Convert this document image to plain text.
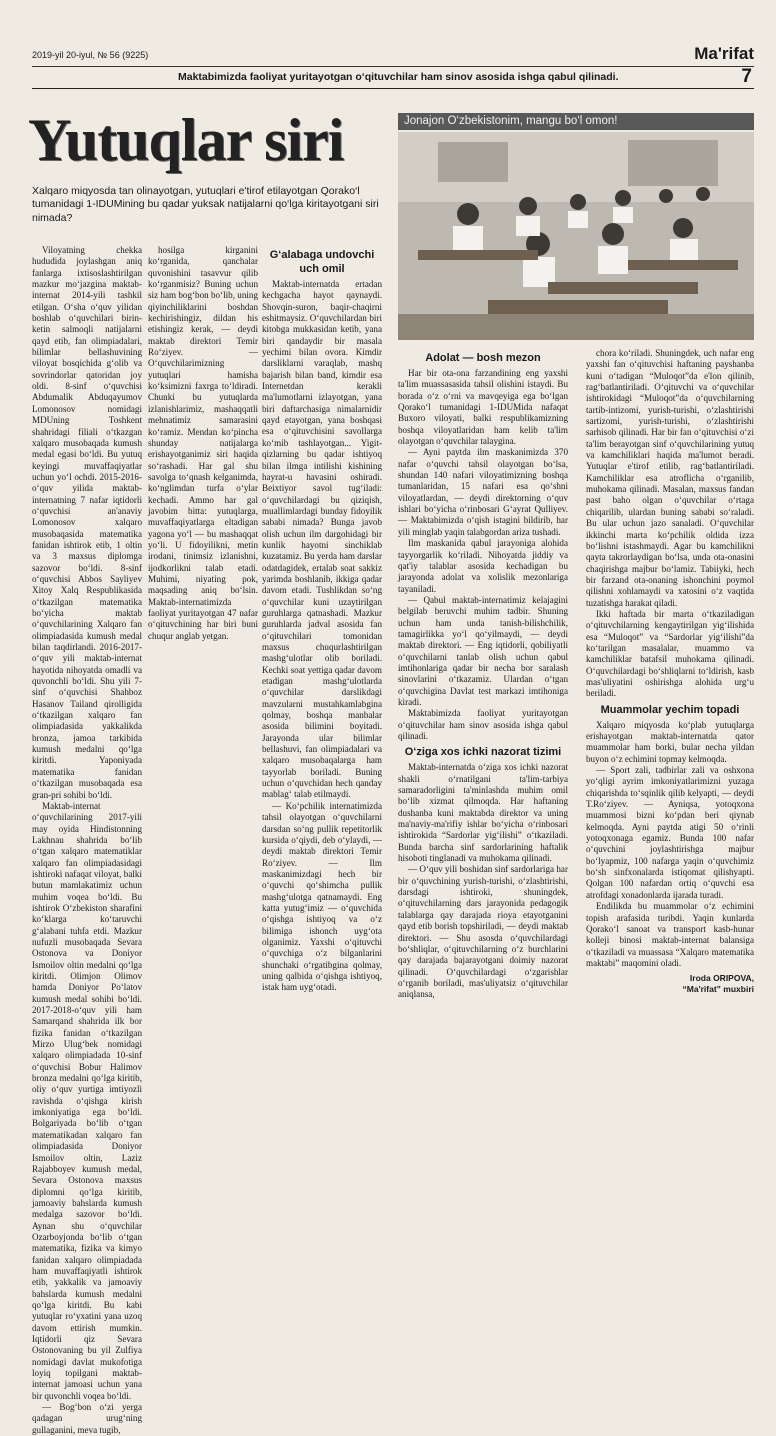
2019-yil 20-iyul, № 56 (9225)	Ma'rifat
Maktabimizda faoliyat yuritayotgan o‘qituvchilar ham sinov asosida ishga qabul qilinadi.	7
Yutuqlar siri	Jonajon O‘zbekistonim, mangu bo‘l omon!
Xalqaro miqyosda tan olinayotgan, yutuqlari e'tirof etilayotgan Qorako‘l tumanidagi 1-IDUMining bu qadar yuksak natijalarni qo‘lga kiritayotgani siri nimada?

Viloyatning chekka hududida joylashgan aniq fanlarga ixtisoslashtirilgan mazkur mo‘jazgina maktab-internat 2014-yili tashkil etilgan. O‘sha o‘quv yilidan boshlab o‘quvchilari birin-ketin salmoqli natijalarni qayd etib, fan olimpiadalari, bilimlar bellashuvining viloyat bosqichida g‘olib va sovrindorlar qatoridan joy oldi. 8-sinf o‘quvchisi Abdumalik Abduqayumov Lomonosov nomidagi MDUning Toshkent shahridagi filiali o‘tkazgan xalqaro musobaqada kumush medal egasi bo‘ldi. Bu yutuq keyingi muvaffaqiyatlar uchun yo‘l ochdi. 2015-2016-o‘quv yilida maktab-internatning 7 nafar iqtidorli o‘quvchisi an'anaviy Lomonosov xalqaro musobaqasida matematika fanidan ishtirok etib, 1 oltin va 3 maxsus diplomga sazovor bo‘ldi. 8-sinf o‘quvchisi Abbos Sayliyev Xitoy Xalq Respublikasida o‘tkazilgan matematika bo‘yicha maktab o‘quvchilarining Xalqaro fan olimpiadasida kumush medal bilan taqdirlandi. 2016-2017-o‘quv yili maktab-internat hayotida nihoyatda omadli va quvonchli bo‘ldi. Shu yili 7-sinf o‘quvchisi Shahboz Hasanov Tailand qirolligida o‘tkazilgan xalqaro fan olimpiadasida yakkalikda bronza, jamoa tarkibida kumush medalni qo‘lga kiritdi. Yaponiyada matematika fanidan o‘tkazilgan musobaqada esa gran-pri sohibi bo‘ldi.

Maktab-internat o‘quvchilarining 2017-yili may oyida Hindistonning Lakhnau shahrida bo‘lib o‘tgan xalqaro matematiklar xalqaro fan olimpiadasidagi ishtiroki nafaqat viloyat, balki butun mamlakatimiz uchun muhim voqea bo‘ldi. Bu ishtirok O‘zbekiston sharafini ko‘klarga ko‘taruvchi g‘alabani tuhfa etdi. Mazkur nufuzli musobaqada Sevara Ostonova va Doniyor Ismoilov oltin medalni qo‘lga kiritdi. Olimjon Olimov hamda Doniyor Po‘latov kumush medal sohibi bo‘ldi. 2017-2018-o‘quv yili ham Samarqand shahrida ilk bor fizika fanidan o‘tkazilgan Mirzo Ulug‘bek nomidagi xalqaro olimpiadada 10-sinf o‘quvchisi Bobur Halimov bronza medalni qo‘lga kiritib, oliy o‘quv yurtiga imtiyozli ravishda o‘qishga kirish imkoniyatiga ega bo‘ldi. Bolgariyada bo‘lib o‘tgan matematikadan xalqaro fan olimpiadasida Doniyor Ismoilov oltin, Laziz Rajabboyev kumush medal, Sevara Ostonova maxsus diplomni qo‘lga kiritib, jamoaviy bahslarda kumush medalga sazovor bo‘ldi. Aynan shu o‘quvchilar Ozarboyjonda bo‘lib o‘tgan matematika, fizika va kimyo fanidan xalqaro olimpiadada ham muvaffaqiyatli ishtirok etib, yakkalik va jamoaviy bahslarda kumush medalni qo‘lga kiritdi. Bu kabi yutuqlar ro‘yxatini yana uzoq davom ettirish mumkin. Iqtidorli qiz Sevara Ostonovaning bu yil Zulfiya nomidagi davlat mukofotiga loyiq topilgani maktab-internat jamoasi uchun yana bir quvonchli voqea bo‘ldi.

— Bog‘bon o‘zi yerga qadagan urug‘ning gullaganini, meva tugib,

hosilga kirganini ko‘rganida, qanchalar quvonishini tasavvur qilib ko‘rganmisiz? Buning uchun siz ham bog‘bon bo‘lib, uning qiyinchiliklarini boshdan kechirishingiz, dildan his etishingiz kerak, — deydi maktab direktori Temir Ro‘ziyev. — O‘quvchilarimizning yutuqlari hamisha ko‘ksimizni faxrga to‘ldiradi. Chunki bu yutuqlarda izlanishlarimiz, mashaqqatli mehnatimiz samarasini ko‘ramiz. Mendan ko‘pincha shunday natijalarga erishayotganimiz siri haqida so‘rashadi. Har gal shu savolga to‘qnash kelganimda, ko‘nglimdan turfa o‘ylar kechadi. Ammo har gal javobim bitta: yutuqlarga, muvaffaqiyatlarga eltadigan yagona yo‘l — bu mashaqqat yo‘li. U fidoyilikni, metin irodani, tinimsiz izlanishni, ijodkorlikni talab etadi. Muhimi, niyating pok, maqsading aniq bo‘lsin. Maktab-internatimizda faoliyat yuritayotgan 47 nafar o‘qituvchining har biri buni chuqur anglab yetgan.

G‘alabaga undovchi uch omil

Maktab-internatda ertadan kechgacha hayot qaynaydi. Shovqin-suron, baqir-chaqirni eshitmaysiz. O‘quvchilardan biri kitobga mukkasidan ketib, yana biri qandaydir bir masala yechimi bilan ovora. Kimdir darsliklarni varaqlab, mashq bajarish bilan band, kimdir esa Internetdan kerakli ma'lumotlarni izlayotgan, yana biri daftarchasiga nimalarnidir qayd etayotgan, yana boshqasi esa o‘qituvchisini savollarga ko‘mib tashlayotgan... Yigit-qizlarning bu qadar ishtiyoq bilan ilmga intilishi kishining hayrat-u havasini oshiradi. Beixtiyor savol tug‘iladi: o‘quvchilardagi bu qiziqish, muallimlardagi bunday fidoyilik sababi nimada? Bunga javob olish uchun ilm dargohidagi bir kunlik hayotni sinchiklab kuzatamiz. Bu yerda ham darslar odatdagidek, ertalab soat sakkiz yarimda boshlanib, ikkiga qadar davom etadi. Tushlikdan so‘ng o‘quvchilar kuni uzaytirilgan guruhlarga qatnashadi. Mazkur guruhlarda jadval asosida fan o‘qituvchilari tomonidan maxsus chuqurlashtirilgan mashg‘ulotlar olib boriladi. Kechki soat yettiga qadar davom etadigan mashg‘ulotlarda o‘quvchilar darslikdagi mavzularni mustahkamlabgina qolmay, boshqa manbalar asosida bilimini boyitadi. Jarayonda ular bilimlar bellashuvi, fan olimpiadalari va xalqaro musobaqalarga ham tayyorlab boriladi. Buning uchun o‘quvchidan hech qanday mablag‘ talab etilmaydi.

— Ko‘pchilik internatimizda tahsil olayotgan o‘quvchilarni darsdan so‘ng pullik repetitorlik kursida o‘qiydi, deb o‘ylaydi, — deydi maktab direktori Temir Ro‘ziyev. — Ilm maskanimizdagi hech bir o‘quvchi qo‘shimcha pullik mashg‘ulotga qatnamaydi. Eng katta yutug‘imiz — o‘quvchida o‘qishga ishtiyoq va o‘z bilimiga ishonch uyg‘ota olganimiz. Yaxshi o‘qituvchi o‘quvchiga o‘z bilganlarini shunchaki o‘rgatibgina qolmay, uning qalbida o‘qishga ishtiyoq, istak ham uyg‘otadi.

Adolat — bosh mezon

Har bir ota-ona farzandining eng yaxshi ta'lim muassasasida tahsil olishini istaydi. Bu borada o‘z o‘rni va mavqeyiga ega bo‘lgan Qorako‘l tumanidagi 1-IDUMida nafaqat Buxoro viloyati, balki respublikamizning boshqa viloyatlaridan ham kelib ta'lim olayotgan o‘quvchilar talaygina.

— Ayni paytda ilm maskanimizda 370 nafar o‘quvchi tahsil olayotgan bo‘lsa, shundan 140 nafari viloyatimizning boshqa tumanlaridan, 15 nafari esa qo‘shni viloyatlardan, — deydi direktorning o‘quv ishlari bo‘yicha o‘rinbosari G‘ayrat Qulliyev. — Maktabimizda o‘qish istagini bildirib, har yili minglab yaqin talabgordan ariza tushadi.

Ilm maskanida qabul jarayoniga alohida tayyorgarlik ko‘riladi. Nihoyatda jiddiy va qat'iy talablar asosida kechadigan bu jarayonda adolat va xolislik mezonlariga tayaniladi.

— Qabul maktab-internatimiz kelajagini belgilab beruvchi muhim tadbir. Shuning uchun ham unda tanish-bilishchilik, tamagirlikka yo‘l qo‘yilmaydi, — deydi maktab direktori. — Eng iqtidorli, qobiliyatli o‘quvchilarni tanlab olish uchun qabul imtihonlariga qadar bir necha bor saralash sinovlarini o‘tkazamiz. Ulardan o‘tgan o‘quvchigina Davlat test markazi imtihoniga kiradi.

Maktabimizda faoliyat yuritayotgan o‘qituvchilar ham sinov asosida ishga qabul qilinadi.

O‘ziga xos ichki nazorat tizimi

Maktab-internatda o‘ziga xos ichki nazorat shakli o‘rnatilgani ta'lim-tarbiya samaradorligini ta'minlashda muhim omil bo‘lib xizmat qilmoqda. Har haftaning dushanba kuni maktabda direktor va uning ma'naviy-ma'rifiy ishlar bo‘yicha o‘rinbosari ishtirokida “Sardorlar yig‘ilishi” o‘tkaziladi. Bunda barcha sinf sardorlarining haftalik hisoboti tinglanadi va muhokama qilinadi.

— O‘quv yili boshidan sinf sardorlariga har bir o‘quvchining yurish-turishi, o‘zlashtirishi, darsdagi ishtiroki, shuningdek, o‘qituvchilarning dars jarayonida pedagogik talablarga qay darajada rioya etayotganini qayd etib borish topshiriladi, — deydi maktab direktori. — Shu asosda o‘quvchilardagi bo‘shliqlar, o‘qituvchilarning o‘z burchlarini qay darajada bajarayotgani doimiy nazorat qilinadi. O‘quvchilardagi o‘zgarishlar o‘rganib boriladi, mas'uliyatsiz o‘qituvchilar aniqlansa,

chora ko‘riladi. Shuningdek, uch nafar eng yaxshi fan o‘qituvchisi haftaning payshanba kuni o‘tadigan “Muloqot”da e'lon qilinib, rag‘batlantiriladi. O‘qituvchi va o‘quvchilar ishtirokidagi “Muloqot”da o‘quvchilarning tartib-intizomi, yurish-turishi, o‘zlashtirishi sartizomi, yurish-turishi, o‘zlashtirishi sarhisob qilinadi. Har bir fan o‘qituvchisi o‘zi ta'lim berayotgan sinf o‘quvchilarining yutuq va kamchiliklari haqida ma'lumot beradi. Yutuqlar e'tirof etilib, rag‘batlantiriladi. Kamchiliklar esa atroflicha o‘rganilib, muhokama qilinadi. Masalan, maxsus fandan past baho olgan o‘quvchilar o‘rtaga chiqarilib, ulardan buning sababi so‘raladi. Bu ular uchun jazo sanaladi. O‘quvchilar ikkinchi marta ko‘pchilik oldida izza bo‘lishni istashmaydi. Agar bu kamchilikni qayta takrorlaydigan bo‘lsa, unda ota-onasini chaqirishga majbur bo‘lamiz. Tabiiyki, hech bir farzand ota-onaning ishonchini poymol qilishni xohlamaydi va xatosini o‘z vaqtida tuzatishga harakat qiladi.

Ikki haftada bir marta o‘tkaziladigan o‘qituvchilarning kengaytirilgan yig‘ilishida esa “Muloqot” va “Sardorlar yig‘ilishi”da ko‘tarilgan masalalar, muammo va kamchiliklar batafsil muhokama qilinadi. O‘quvchilardagi bo‘shliqlarni to‘ldirish, kasb mas'uliyatini oshirishga alohida urg‘u beriladi.

Muammolar yechim topadi

Xalqaro miqyosda ko‘plab yutuqlarga erishayotgan maktab-internatda qator muammolar ham borki, bular necha yildan buyon o‘z echimini topmay kelmoqda.

— Sport zali, tadbirlar zali va oshxona yo‘qligi ayrim imkoniyatlarimizni yuzaga chiqarishda to‘sqinlik qilib kelyapti, — deydi T.Ro‘ziyev. — Ayniqsa, yotoqxona muammosi bizni ko‘pdan beri qiynab kelmoqda. Ayni paytda atigi 50 o‘rinli yotoqxonaga egamiz. Bunda 100 nafar o‘quvchini joylashtirishga majbur bo‘lyapmiz, 100 nafarga yaqin o‘quvchimiz bo‘sh sinfxonalarda istiqomat qilishyapti. Qolgan 100 nafardan ortiq o‘quvchi esa atrofdagi xonadonlarda ijarada turadi.

Endilikda bu muammolar o‘z echimini topish arafasida turibdi. Yaqin kunlarda Qorako‘l sanoat va transport kasb-hunar kolleji binosi maktab-internat balansiga o‘tkaziladi va muassasa “Xalqaro matematika maktabi” maqomini oladi.

Iroda ORIPOVA,
“Ma'rifat” muxbiri
